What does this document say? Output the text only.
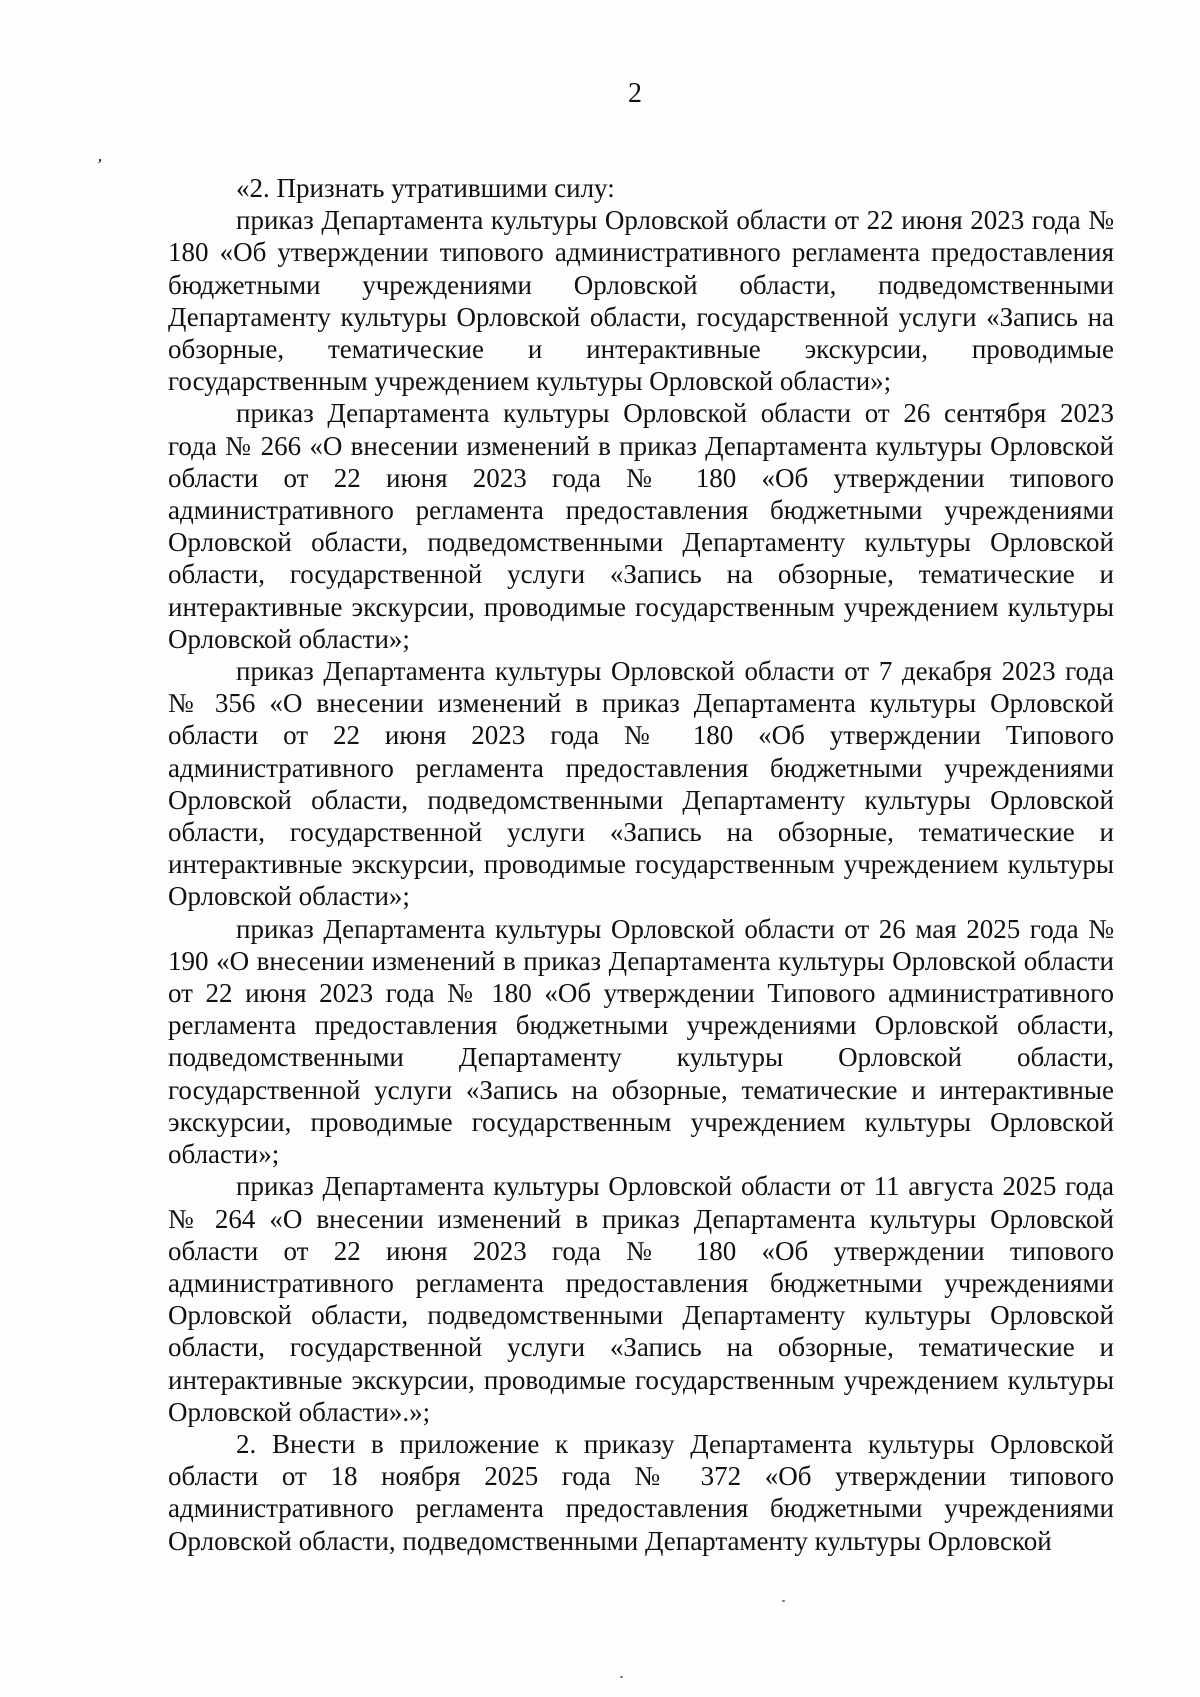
2
‚

«2. Признать утратившими силу:

приказ Департамента культуры Орловской области от 22 июня 2023 года № 180 «Об утверждении типового административного регламента предоставления бюджетными учреждениями Орловской области, подведомственными Департаменту культуры Орловской области, государственной услуги «Запись на обзорные, тематические и интерактивные экскурсии, проводимые государственным учреждением культуры Орловской области»;

приказ Департамента культуры Орловской области от 26 сентября 2023 года № 266 «О внесении изменений в приказ Департамента культуры Орловской области от 22 июня 2023 года № 180 «Об утверждении типового административного регламента предоставления бюджетными учреждениями Орловской области, подведомственными Департаменту культуры Орловской области, государственной услуги «Запись на обзорные, тематические и интерактивные экскурсии, проводимые государственным учреждением культуры Орловской области»;

приказ Департамента культуры Орловской области от 7 декабря 2023 года № 356 «О внесении изменений в приказ Департамента культуры Орловской области от 22 июня 2023 года № 180 «Об утверждении Типового административного регламента предоставления бюджетными учреждениями Орловской области, подведомственными Департаменту культуры Орловской области, государственной услуги «Запись на обзорные, тематические и интерактивные экскурсии, проводимые государственным учреждением культуры Орловской области»;

приказ Департамента культуры Орловской области от 26 мая 2025 года № 190 «О внесении изменений в приказ Департамента культуры Орловской области от 22 июня 2023 года № 180 «Об утверждении Типового административного регламента предоставления бюджетными учреждениями Орловской области, подведомственными Департаменту культуры Орловской области, государственной услуги «Запись на обзорные, тематические и интерактивные экскурсии, проводимые государственным учреждением культуры Орловской области»;

приказ Департамента культуры Орловской области от 11 августа 2025 года № 264 «О внесении изменений в приказ Департамента культуры Орловской области от 22 июня 2023 года № 180 «Об утверждении типового административного регламента предоставления бюджетными учреждениями Орловской области, подведомственными Департаменту культуры Орловской области, государственной услуги «Запись на обзорные, тематические и интерактивные экскурсии, проводимые государственным учреждением культуры Орловской области».»;

2. Внести в приложение к приказу Департамента культуры Орловской области от 18 ноября 2025 года № 372 «Об утверждении типового административного регламента предоставления бюджетными учреждениями Орловской области, подведомственными Департаменту культуры Орловской
